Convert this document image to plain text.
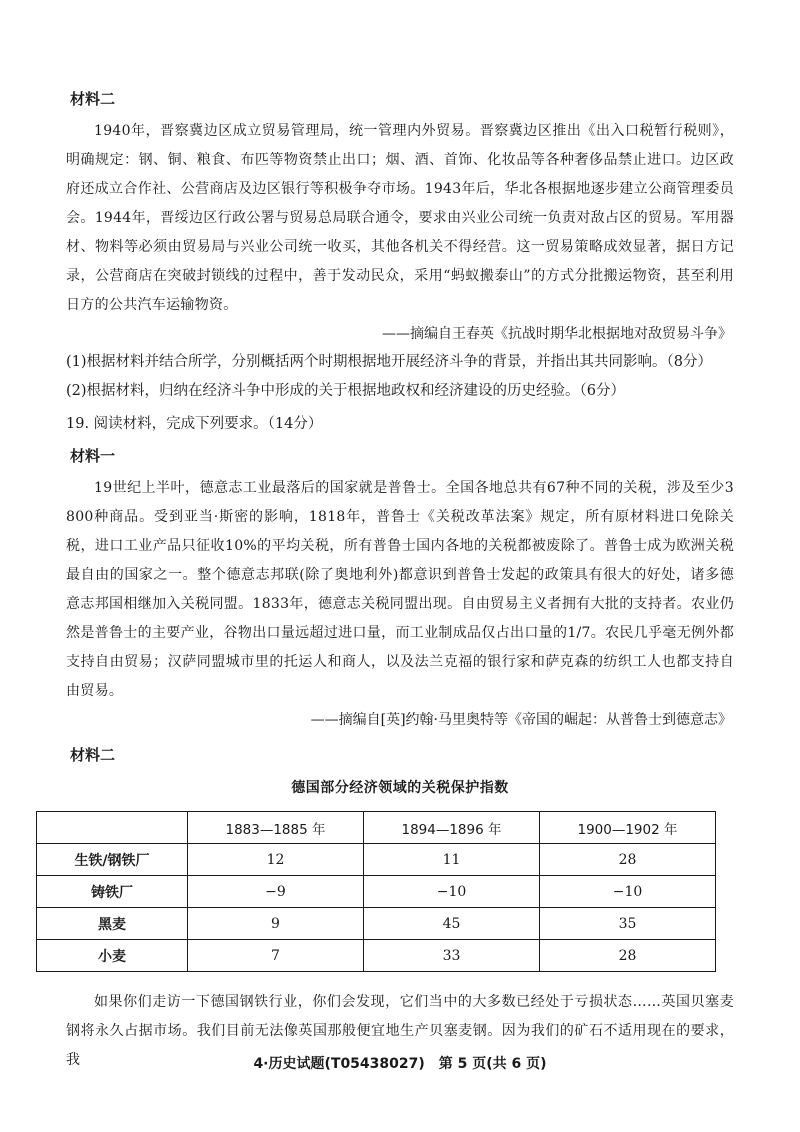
材料二

1940年，晋察冀边区成立贸易管理局，统一管理内外贸易。晋察冀边区推出《出入口税暂行税则》，明确规定：钢、铜、粮食、布匹等物资禁止出口；烟、酒、首饰、化妆品等各种奢侈品禁止进口。边区政府还成立合作社、公营商店及边区银行等积极争夺市场。1943年后，华北各根据地逐步建立公商管理委员会。1944年，晋绥边区行政公署与贸易总局联合通令，要求由兴业公司统一负责对敌占区的贸易。军用器材、物料等必须由贸易局与兴业公司统一收买，其他各机关不得经营。这一贸易策略成效显著，据日方记录，公营商店在突破封锁线的过程中，善于发动民众，采用“蚂蚁搬泰山”的方式分批搬运物资，甚至利用日方的公共汽车运输物资。

——摘编自王春英《抗战时期华北根据地对敌贸易斗争》

(1)根据材料并结合所学，分别概括两个时期根据地开展经济斗争的背景，并指出其共同影响。（8分）

(2)根据材料，归纳在经济斗争中形成的关于根据地政权和经济建设的历史经验。（6分）

19. 阅读材料，完成下列要求。（14分）

材料一

19世纪上半叶，德意志工业最落后的国家就是普鲁士。全国各地总共有67种不同的关税，涉及至少3 800种商品。受到亚当·斯密的影响，1818年，普鲁士《关税改革法案》规定，所有原材料进口免除关税，进口工业产品只征收10%的平均关税，所有普鲁士国内各地的关税都被废除了。普鲁士成为欧洲关税最自由的国家之一。整个德意志邦联(除了奥地利外)都意识到普鲁士发起的政策具有很大的好处，诸多德意志邦国相继加入关税同盟。1833年，德意志关税同盟出现。自由贸易主义者拥有大批的支持者。农业仍然是普鲁士的主要产业，谷物出口量远超过进口量，而工业制成品仅占出口量的1/7。农民几乎毫无例外都支持自由贸易；汉萨同盟城市里的托运人和商人，以及法兰克福的银行家和萨克森的纺织工人也都支持自由贸易。

——摘编自[英]约翰·马里奥特等《帝国的崛起：从普鲁士到德意志》
材料二
德国部分经济领域的关税保护指数
	1883—1885 年	1894—1896 年	1900—1902 年
生铁/钢铁厂	12	11	28
铸铁厂	−9	−10	−10
黑麦	9	45	35
小麦	7	33	28

如果你们走访一下德国钢铁行业，你们会发现，它们当中的大多数已经处于亏损状态……英国贝塞麦钢将永久占据市场。我们目前无法像英国那般便宜地生产贝塞麦钢。因为我们的矿石不适用现在的要求，我	4·历史试题(T05438027)　第 5 页(共 6 页)
